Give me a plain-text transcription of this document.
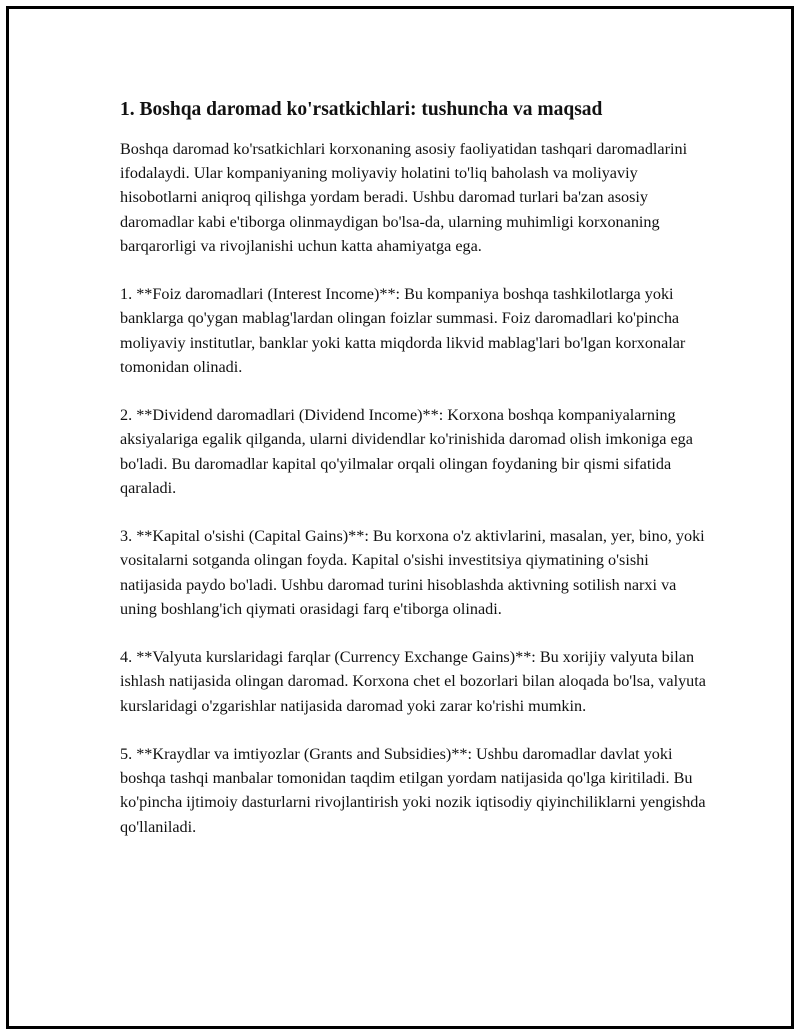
1. Boshqa daromad ko'rsatkichlari: tushuncha va maqsad

Boshqa daromad ko'rsatkichlari korxonaning asosiy faoliyatidan tashqari daromadlarini ifodalaydi. Ular kompaniyaning moliyaviy holatini to'liq baholash va moliyaviy hisobotlarni aniqroq qilishga yordam beradi. Ushbu daromad turlari ba'zan asosiy daromadlar kabi e'tiborga olinmaydigan bo'lsa-da, ularning muhimligi korxonaning barqarorligi va rivojlanishi uchun katta ahamiyatga ega.

1. **Foiz daromadlari (Interest Income)**: Bu kompaniya boshqa tashkilotlarga yoki banklarga qo'ygan mablag'lardan olingan foizlar summasi. Foiz daromadlari ko'pincha moliyaviy institutlar, banklar yoki katta miqdorda likvid mablag'lari bo'lgan korxonalar tomonidan olinadi.

2. **Dividend daromadlari (Dividend Income)**: Korxona boshqa kompaniyalarning aksiyalariga egalik qilganda, ularni dividendlar ko'rinishida daromad olish imkoniga ega bo'ladi. Bu daromadlar kapital qo'yilmalar orqali olingan foydaning bir qismi sifatida qaraladi.

3. **Kapital o'sishi (Capital Gains)**: Bu korxona o'z aktivlarini, masalan, yer, bino, yoki vositalarni sotganda olingan foyda. Kapital o'sishi investitsiya qiymatining o'sishi natijasida paydo bo'ladi. Ushbu daromad turini hisoblashda aktivning sotilish narxi va uning boshlang'ich qiymati orasidagi farq e'tiborga olinadi.

4. **Valyuta kurslaridagi farqlar (Currency Exchange Gains)**: Bu xorijiy valyuta bilan ishlash natijasida olingan daromad. Korxona chet el bozorlari bilan aloqada bo'lsa, valyuta kurslaridagi o'zgarishlar natijasida daromad yoki zarar ko'rishi mumkin.

5. **Kraydlar va imtiyozlar (Grants and Subsidies)**: Ushbu daromadlar davlat yoki boshqa tashqi manbalar tomonidan taqdim etilgan yordam natijasida qo'lga kiritiladi. Bu ko'pincha ijtimoiy dasturlarni rivojlantirish yoki nozik iqtisodiy qiyinchiliklarni yengishda qo'llaniladi.
